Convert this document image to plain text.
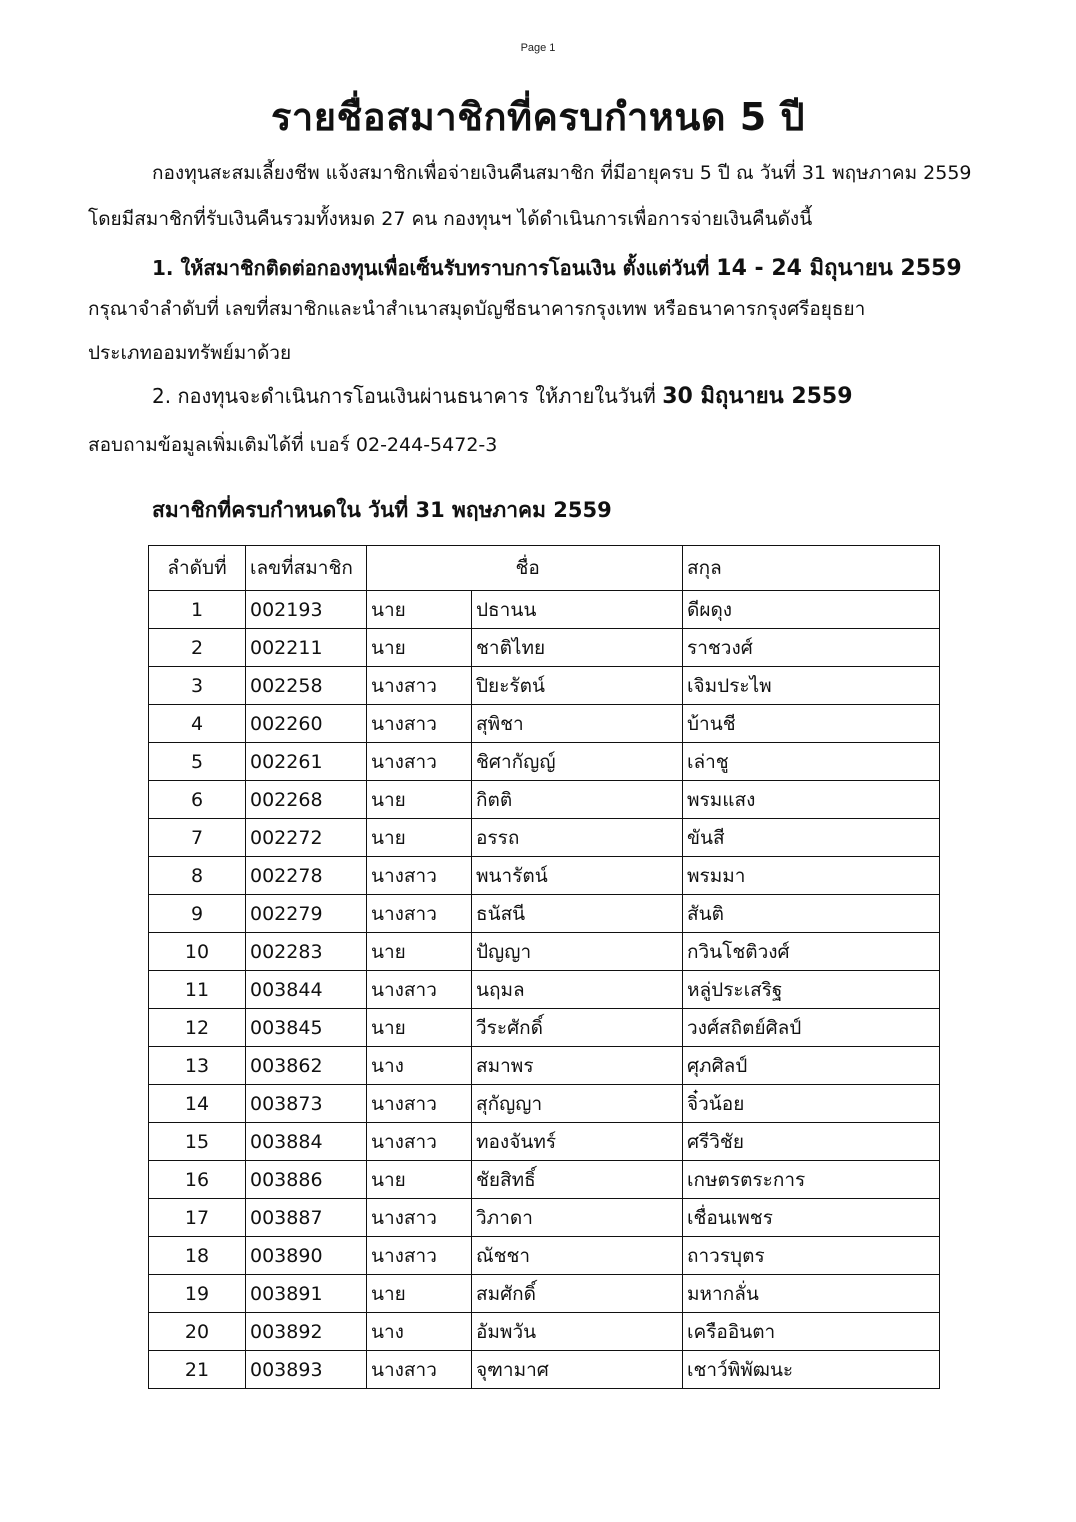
Page 1
รายชื่อสมาชิกที่ครบกำหนด 5 ปี
กองทุนสะสมเลี้ยงชีพ แจ้งสมาชิกเพื่อจ่ายเงินคืนสมาชิก ที่มีอายุครบ 5 ปี ณ วันที่ 31 พฤษภาคม 2559
โดยมีสมาชิกที่รับเงินคืนรวมทั้งหมด 27 คน กองทุนฯ ได้ดำเนินการเพื่อการจ่ายเงินคืนดังนี้
1. ให้สมาชิกติดต่อกองทุนเพื่อเซ็นรับทราบการโอนเงิน ตั้งแต่วันที่ 14 - 24 มิถุนายน 2559
กรุณาจำลำดับที่ เลขที่สมาชิกและนำสำเนาสมุดบัญชีธนาคารกรุงเทพ หรือธนาคารกรุงศรีอยุธยา
ประเภทออมทรัพย์มาด้วย
2. กองทุนจะดำเนินการโอนเงินผ่านธนาคาร ให้ภายในวันที่ 30 มิถุนายน 2559
สอบถามข้อมูลเพิ่มเติมได้ที่ เบอร์ 02-244-5472-3
สมาชิกที่ครบกำหนดใน วันที่ 31 พฤษภาคม 2559
ลำดับที่	เลขที่สมาชิก		ชื่อ	สกุล
1	002193	นาย	ปธานน	ดีผดุง
2	002211	นาย	ชาติไทย	ราชวงศ์
3	002258	นางสาว	ปิยะรัตน์	เจิมประไพ
4	002260	นางสาว	สุพิชา	บ้านชี
5	002261	นางสาว	ชิศากัญญ์	เล่าชู
6	002268	นาย	กิตติ	พรมแสง
7	002272	นาย	อรรถ	ขันสี
8	002278	นางสาว	พนารัตน์	พรมมา
9	002279	นางสาว	ธนัสนี	สันติ
10	002283	นาย	ปัญญา	กวินโชติวงศ์
11	003844	นางสาว	นฤมล	หลู่ประเสริฐ
12	003845	นาย	วีระศักดิ์	วงศ์สถิตย์ศิลป์
13	003862	นาง	สมาพร	ศุภศิลป์
14	003873	นางสาว	สุกัญญา	จิ๋วน้อย
15	003884	นางสาว	ทองจันทร์	ศรีวิชัย
16	003886	นาย	ชัยสิทธิ์	เกษตรตระการ
17	003887	นางสาว	วิภาดา	เชื่อนเพชร
18	003890	นางสาว	ณัชชา	ถาวรบุตร
19	003891	นาย	สมศักดิ์	มหากลั่น
20	003892	นาง	อัมพวัน	เครืออินตา
21	003893	นางสาว	จุฑามาศ	เชาว์พิพัฒนะ
